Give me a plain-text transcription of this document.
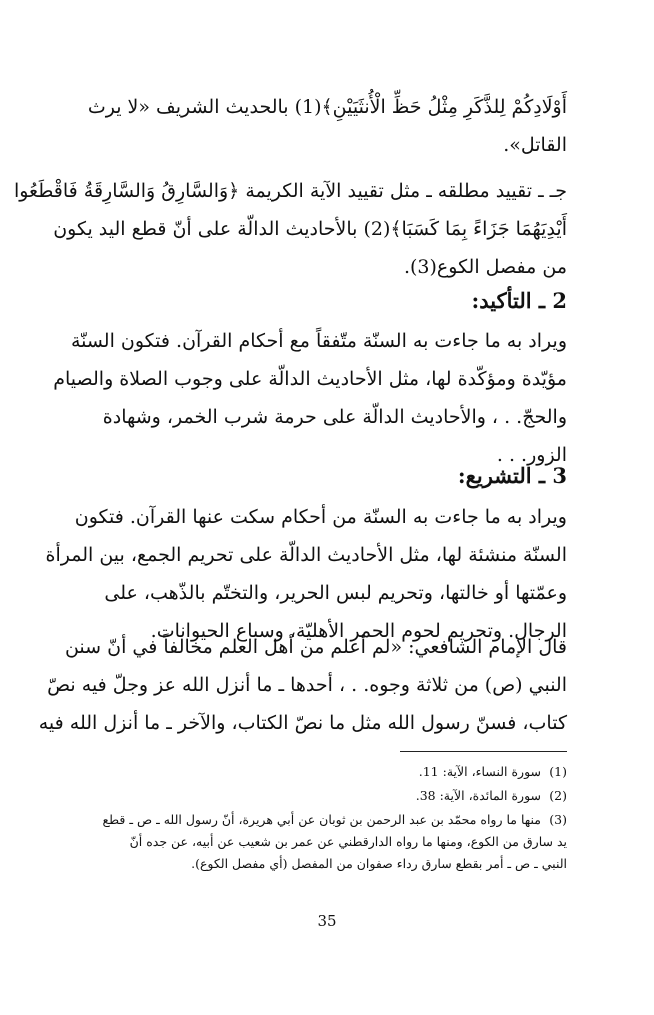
أَوْلَادِكُمْ لِلذَّكَرِ مِثْلُ حَظِّ الْأُنثَيَيْنِ﴾(1) بالحديث الشريف «لا يرث
القاتل».
جـ ـ تقييد مطلقه ـ مثل تقييد الآية الكريمة ﴿وَالسَّارِقُ وَالسَّارِقَةُ فَاقْطَعُوا
أَيْدِيَهُمَا جَزَاءً بِمَا كَسَبَا﴾(2) بالأحاديث الدالّة على أنّ قطع اليد يكون
من مفصل الكوع(3).
2 ـ التأكيد:
ويراد به ما جاءت به السنّة متّفقاً مع أحكام القرآن. فتكون السنّة
مؤيّدة ومؤكّدة لها، مثل الأحاديث الدالّة على وجوب الصلاة والصيام
والحجّ. . ، والأحاديث الدالّة على حرمة شرب الخمر، وشهادة
الزور. . .
3 ـ التشريع:
ويراد به ما جاءت به السنّة من أحكام سكت عنها القرآن. فتكون
السنّة منشئة لها، مثل الأحاديث الدالّة على تحريم الجمع، بين المرأة
وعمّتها أو خالتها، وتحريم لبس الحرير، والتختّم بالذّهب، على
الرجال. وتحريم لحوم الحمر الأهليّة، وسباع الحيوانات.
قال الإمام الشافعي: «لم أعلم من أهل العلم مخالفاً في أنّ سنن
النبي (ص) من ثلاثة وجوه. . ، أحدها ـ ما أنزل الله عز وجلّ فيه نصّ
كتاب، فسنّ رسول الله مثل ما نصّ الكتاب، والآخر ـ ما أنزل الله فيه
(1)سورة النساء، الآية: 11.
(2)سورة المائدة، الآية: 38.
(3)منها ما رواه محمّد بن عبد الرحمن بن ثوبان عن أبي هريرة، أنّ رسول الله ـ ص ـ قطع
يد سارق من الكوع، ومنها ما رواه الدارقطني عن عمر بن شعيب عن أبيه، عن جده أنّ
النبي ـ ص ـ أمر بقطع سارق رداء صفوان من المفصل (أي مفصل الكوع).
35
